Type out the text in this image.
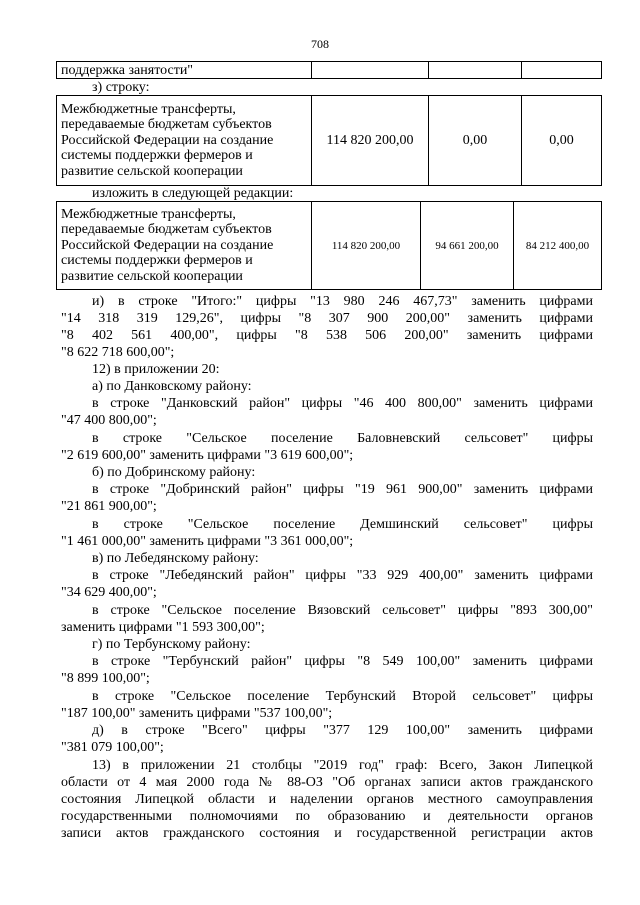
708
поддержка занятости"			
з) строку:
Межбюджетные трансферты,
передаваемые бюджетам субъектов
Российской Федерации на создание
системы поддержки фермеров и
развитие сельской кооперации
	114 820 200,00	0,00	0,00
изложить в следующей редакции:
Межбюджетные трансферты,
передаваемые бюджетам субъектов
Российской Федерации на создание
системы поддержки фермеров и
развитие сельской кооперации
	114 820 200,00	94 661 200,00	84 212 400,00
и) в строке "Итого:" цифры "13 980 246 467,73" заменить цифрами
"14 318 319 129,26", цифры "8 307 900 200,00" заменить цифрами
"8 402 561 400,00", цифры "8 538 506 200,00" заменить цифрами
"8 622 718 600,00";
12) в приложении 20:
а) по Данковскому району:
в строке "Данковский район" цифры "46 400 800,00" заменить цифрами
"47 400 800,00";
в строке "Сельское поселение Баловневский сельсовет" цифры
"2 619 600,00" заменить цифрами "3 619 600,00";
б) по Добринскому району:
в строке "Добринский район" цифры "19 961 900,00" заменить цифрами
"21 861 900,00";
в строке "Сельское поселение Демшинский сельсовет" цифры
"1 461 000,00" заменить цифрами "3 361 000,00";
в) по Лебедянскому району:
в строке "Лебедянский район" цифры "33 929 400,00" заменить цифрами
"34 629 400,00";
в строке "Сельское поселение Вязовский сельсовет" цифры "893 300,00"
заменить цифрами "1 593 300,00";
г) по Тербунскому району:
в строке "Тербунский район" цифры "8 549 100,00" заменить цифрами
"8 899 100,00";
в строке "Сельское поселение Тербунский Второй сельсовет" цифры
"187 100,00" заменить цифрами "537 100,00";
д) в строке "Всего" цифры "377 129 100,00" заменить цифрами
"381 079 100,00";
13) в приложении 21 столбцы "2019 год" граф: Всего, Закон Липецкой
области от 4 мая 2000 года № 88-ОЗ "Об органах записи актов гражданского
состояния Липецкой области и наделении органов местного самоуправления
государственными полномочиями по образованию и деятельности органов
записи актов гражданского состояния и государственной регистрации актов
